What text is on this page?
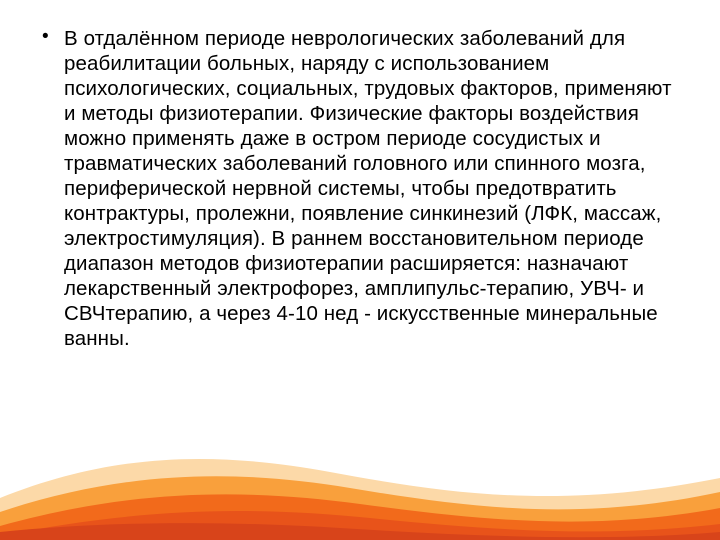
• В отдалённом периоде неврологических заболеваний для реабилитации больных, наряду с использованием психологических, социальных, трудовых факторов, применяют и методы физиотерапии. Физические факторы воздействия можно применять даже в остром периоде сосудистых и травматических заболеваний головного или спинного мозга, периферической нервной системы, чтобы предотвратить контрактуры, пролежни, появление синкинезий (ЛФК, массаж, электростимуляция). В раннем восстановительном периоде диапазон методов физиотерапии расширяется: назначают лекарственный электрофорез, амплипульс-терапию, УВЧ- и СВЧтерапию, а через 4-10 нед - искусственные минеральные ванны.
